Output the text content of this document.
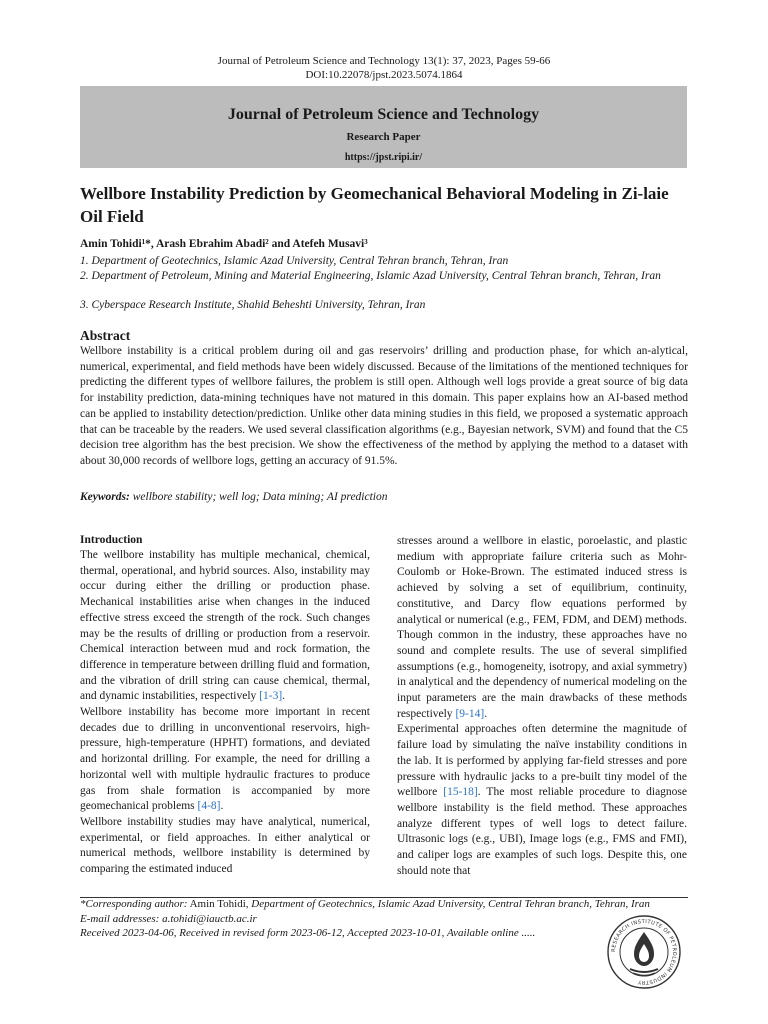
Journal of Petroleum Science and Technology 13(1): 37, 2023, Pages 59-66
DOI:10.22078/jpst.2023.5074.1864
Journal of Petroleum Science and Technology
Research Paper
https://jpst.ripi.ir/
Wellbore Instability Prediction by Geomechanical Behavioral Modeling in Zi-laie Oil Field
Amin Tohidi¹*, Arash Ebrahim Abadi² and Atefeh Musavi³
1. Department of Geotechnics, Islamic Azad University, Central Tehran branch, Tehran, Iran
2. Department of Petroleum, Mining and Material Engineering, Islamic Azad University, Central Tehran branch, Tehran, Iran
3. Cyberspace Research Institute, Shahid Beheshti University, Tehran, Iran
Abstract
Wellbore instability is a critical problem during oil and gas reservoirs’ drilling and production phase, for which an-alytical, numerical, experimental, and field methods have been widely discussed. Because of the limitations of the mentioned techniques for predicting the different types of wellbore failures, the problem is still open. Although well logs provide a great source of big data for instability prediction, data-mining techniques have not matured in this domain. This paper explains how an AI-based method can be applied to instability detection/prediction. Unlike other data mining studies in this field, we proposed a systematic approach that can be traceable by the readers. We used several classification algorithms (e.g., Bayesian network, SVM) and found that the C5 decision tree algorithm has the best precision. We show the effectiveness of the method by applying the method to a dataset with about 30,000 records of wellbore logs, getting an accuracy of 91.5%.
Keywords: wellbore stability; well log; Data mining; AI prediction
Introduction
The wellbore instability has multiple mechanical, chemical, thermal, operational, and hybrid sources. Also, instability may occur during either the drilling or production phase. Mechanical instabilities arise when changes in the induced effective stress exceed the strength of the rock. Such changes may be the results of drilling or production from a reservoir. Chemical interaction between mud and rock formation, the difference in temperature between drilling fluid and formation, and the vibration of drill string can cause chemical, thermal, and dynamic instabilities, respectively [1-3].
Wellbore instability has become more important in recent decades due to drilling in unconventional reservoirs, high-pressure, high-temperature (HPHT) formations, and deviated and horizontal drilling. For example, the need for drilling a horizontal well with multiple hydraulic fractures to produce gas from shale formation is accompanied by more geomechanical problems [4-8].
Wellbore instability studies may have analytical, numerical, experimental, or field approaches. In either analytical or numerical methods, wellbore instability is determined by comparing the estimated induced
stresses around a wellbore in elastic, poroelastic, and plastic medium with appropriate failure criteria such as Mohr-Coulomb or Hoke-Brown. The estimated induced stress is achieved by solving a set of equilibrium, continuity, constitutive, and Darcy flow equations performed by analytical or numerical (e.g., FEM, FDM, and DEM) methods. Though common in the industry, these approaches have no sound and complete results. The use of several simplified assumptions (e.g., homogeneity, isotropy, and axial symmetry) in analytical and the dependency of numerical modeling on the input parameters are the main drawbacks of these methods respectively [9-14].
Experimental approaches often determine the magnitude of failure load by simulating the naïve instability conditions in the lab. It is performed by applying far-field stresses and pore pressure with hydraulic jacks to a pre-built tiny model of the wellbore [15-18]. The most reliable procedure to diagnose wellbore instability is the field method. These approaches analyze different types of well logs to detect failure. Ultrasonic logs (e.g., UBI), Image logs (e.g., FMS and FMI), and caliper logs are examples of such logs. Despite this, one should note that
*Corresponding author: Amin Tohidi, Department of Geotechnics, Islamic Azad University, Central Tehran branch, Tehran, Iran
E-mail addresses: a.tohidi@iauctb.ac.ir
Received 2023-04-06, Received in revised form 2023-06-12, Accepted 2023-10-01, Available online .....
RESEARCH INSTITUTE OF PETROLEUM INDUSTRY
